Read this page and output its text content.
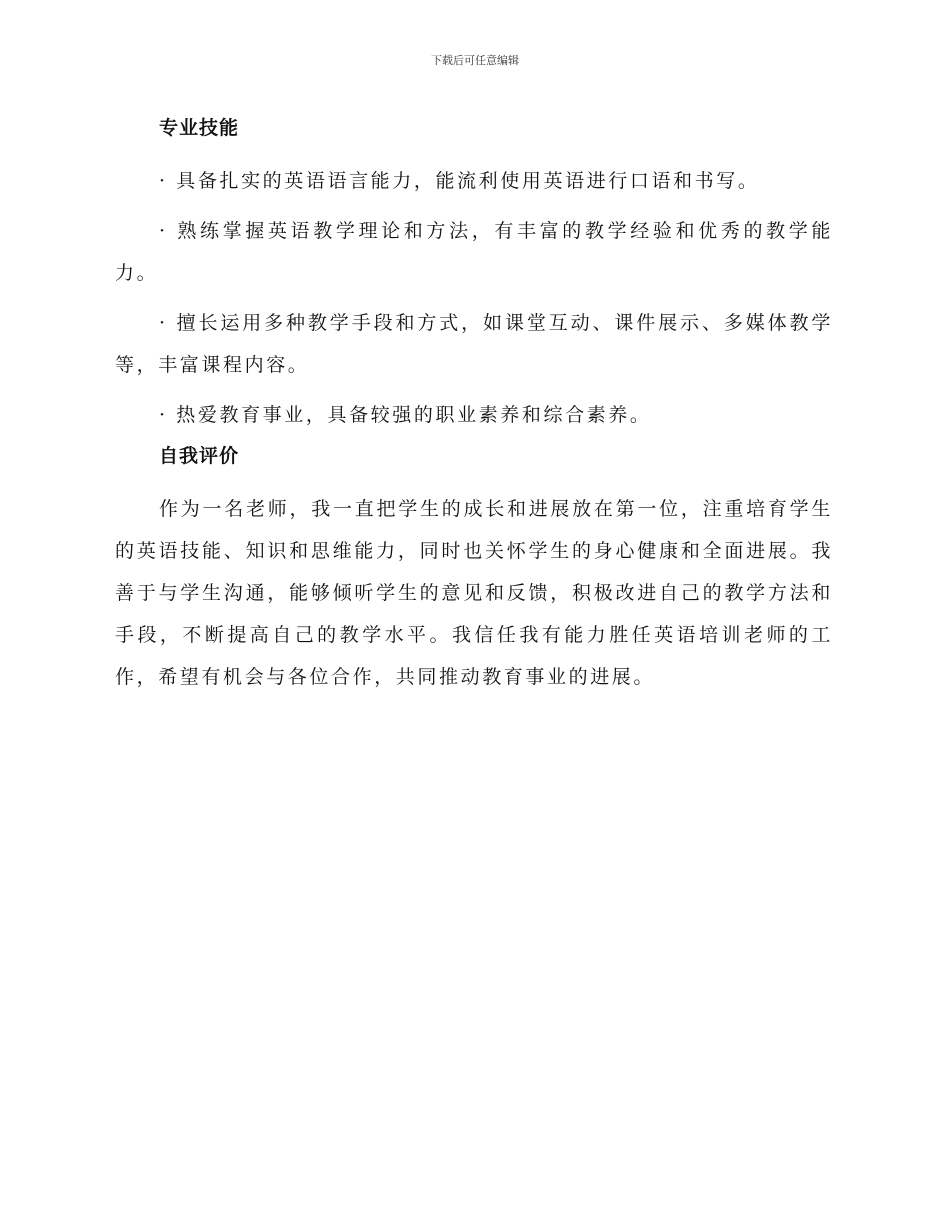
下载后可任意编辑
专业技能

· 具备扎实的英语语言能力，能流利使用英语进行口语和书写。

· 熟练掌握英语教学理论和方法，有丰富的教学经验和优秀的教学能力。

· 擅长运用多种教学手段和方式，如课堂互动、课件展示、多媒体教学等，丰富课程内容。

· 热爱教育事业，具备较强的职业素养和综合素养。

自我评价

作为一名老师，我一直把学生的成长和进展放在第一位，注重培育学生的英语技能、知识和思维能力，同时也关怀学生的身心健康和全面进展。我善于与学生沟通，能够倾听学生的意见和反馈，积极改进自己的教学方法和手段，不断提高自己的教学水平。我信任我有能力胜任英语培训老师的工作，希望有机会与各位合作，共同推动教育事业的进展。
